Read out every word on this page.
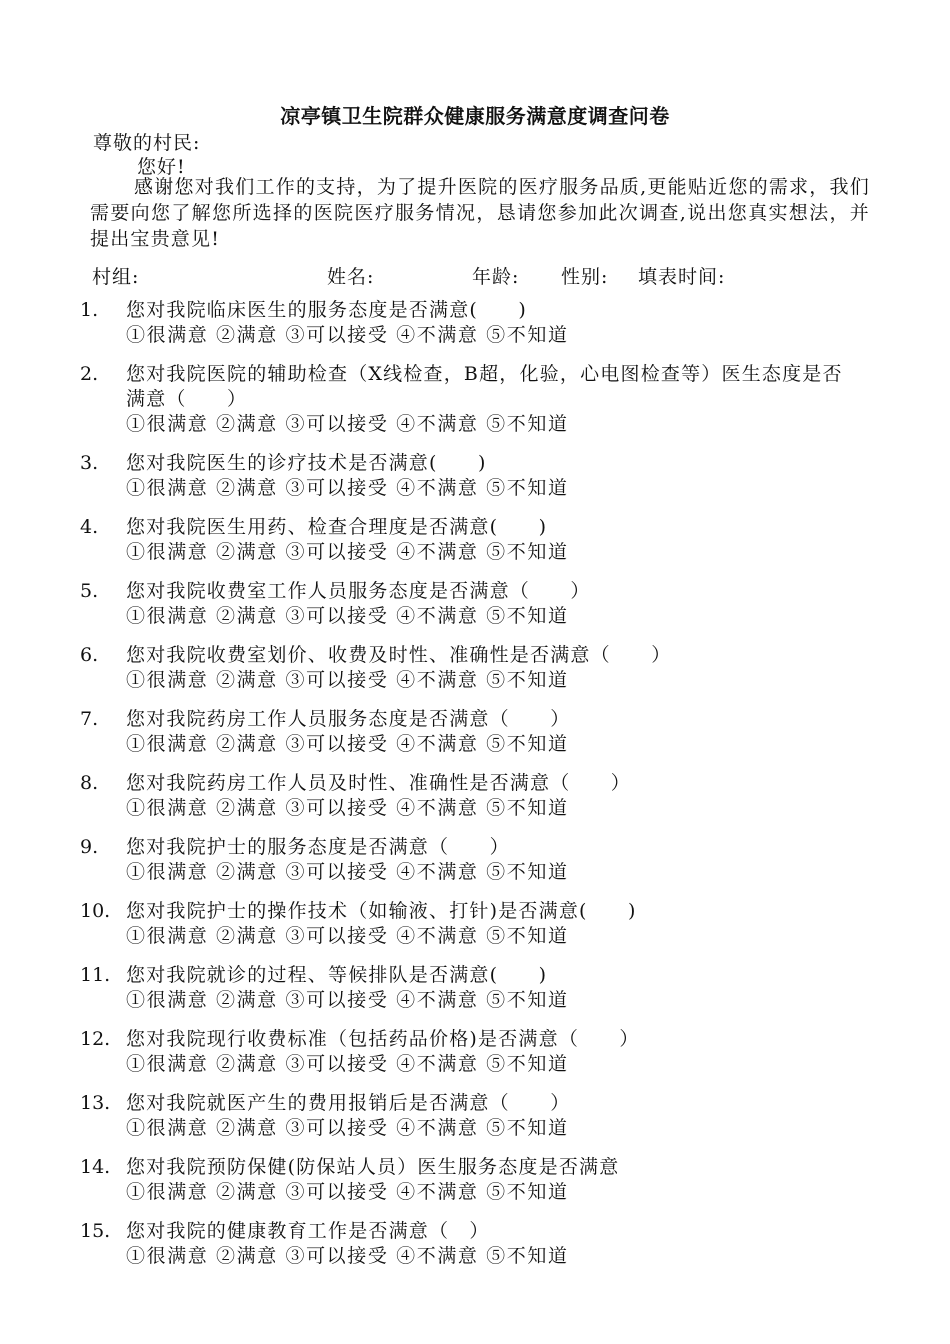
凉亭镇卫生院群众健康服务满意度调查问卷
尊敬的村民:
您好!
感谢您对我们工作的支持，为了提升医院的医疗服务品质,更能贴近您的需求，我们需要向您了解您所选择的医院医疗服务情况，恳请您参加此次调查,说出您真实想法，并提出宝贵意见!
村组:	姓名:	年龄: 性别: 填表时间:
1. 您对我院临床医生的服务态度是否满意(　　)
①很满意 ②满意 ③可以接受 ④不满意 ⑤不知道
2. 您对我院医院的辅助检查（X线检查，B超，化验，心电图检查等）医生态度是否满意（　　）
①很满意 ②满意 ③可以接受 ④不满意 ⑤不知道
3. 您对我院医生的诊疗技术是否满意(　　)
①很满意 ②满意 ③可以接受 ④不满意 ⑤不知道
4. 您对我院医生用药、检查合理度是否满意(　　)
①很满意 ②满意 ③可以接受 ④不满意 ⑤不知道
5. 您对我院收费室工作人员服务态度是否满意（　　）
①很满意 ②满意 ③可以接受 ④不满意 ⑤不知道
6. 您对我院收费室划价、收费及时性、准确性是否满意（　　）
①很满意 ②满意 ③可以接受 ④不满意 ⑤不知道
7. 您对我院药房工作人员服务态度是否满意（　　）
①很满意 ②满意 ③可以接受 ④不满意 ⑤不知道
8. 您对我院药房工作人员及时性、准确性是否满意（　　）
①很满意 ②满意 ③可以接受 ④不满意 ⑤不知道
9. 您对我院护士的服务态度是否满意（　　）
①很满意 ②满意 ③可以接受 ④不满意 ⑤不知道
10. 您对我院护士的操作技术（如输液、打针)是否满意(　　)
①很满意 ②满意 ③可以接受 ④不满意 ⑤不知道
11. 您对我院就诊的过程、等候排队是否满意(　　)
①很满意 ②满意 ③可以接受 ④不满意 ⑤不知道
12. 您对我院现行收费标准（包括药品价格)是否满意（　　）
①很满意 ②满意 ③可以接受 ④不满意 ⑤不知道
13. 您对我院就医产生的费用报销后是否满意（　　）
①很满意 ②满意 ③可以接受 ④不满意 ⑤不知道
14. 您对我院预防保健(防保站人员）医生服务态度是否满意
①很满意 ②满意 ③可以接受 ④不满意 ⑤不知道
15. 您对我院的健康教育工作是否满意（　）
①很满意 ②满意 ③可以接受 ④不满意 ⑤不知道
